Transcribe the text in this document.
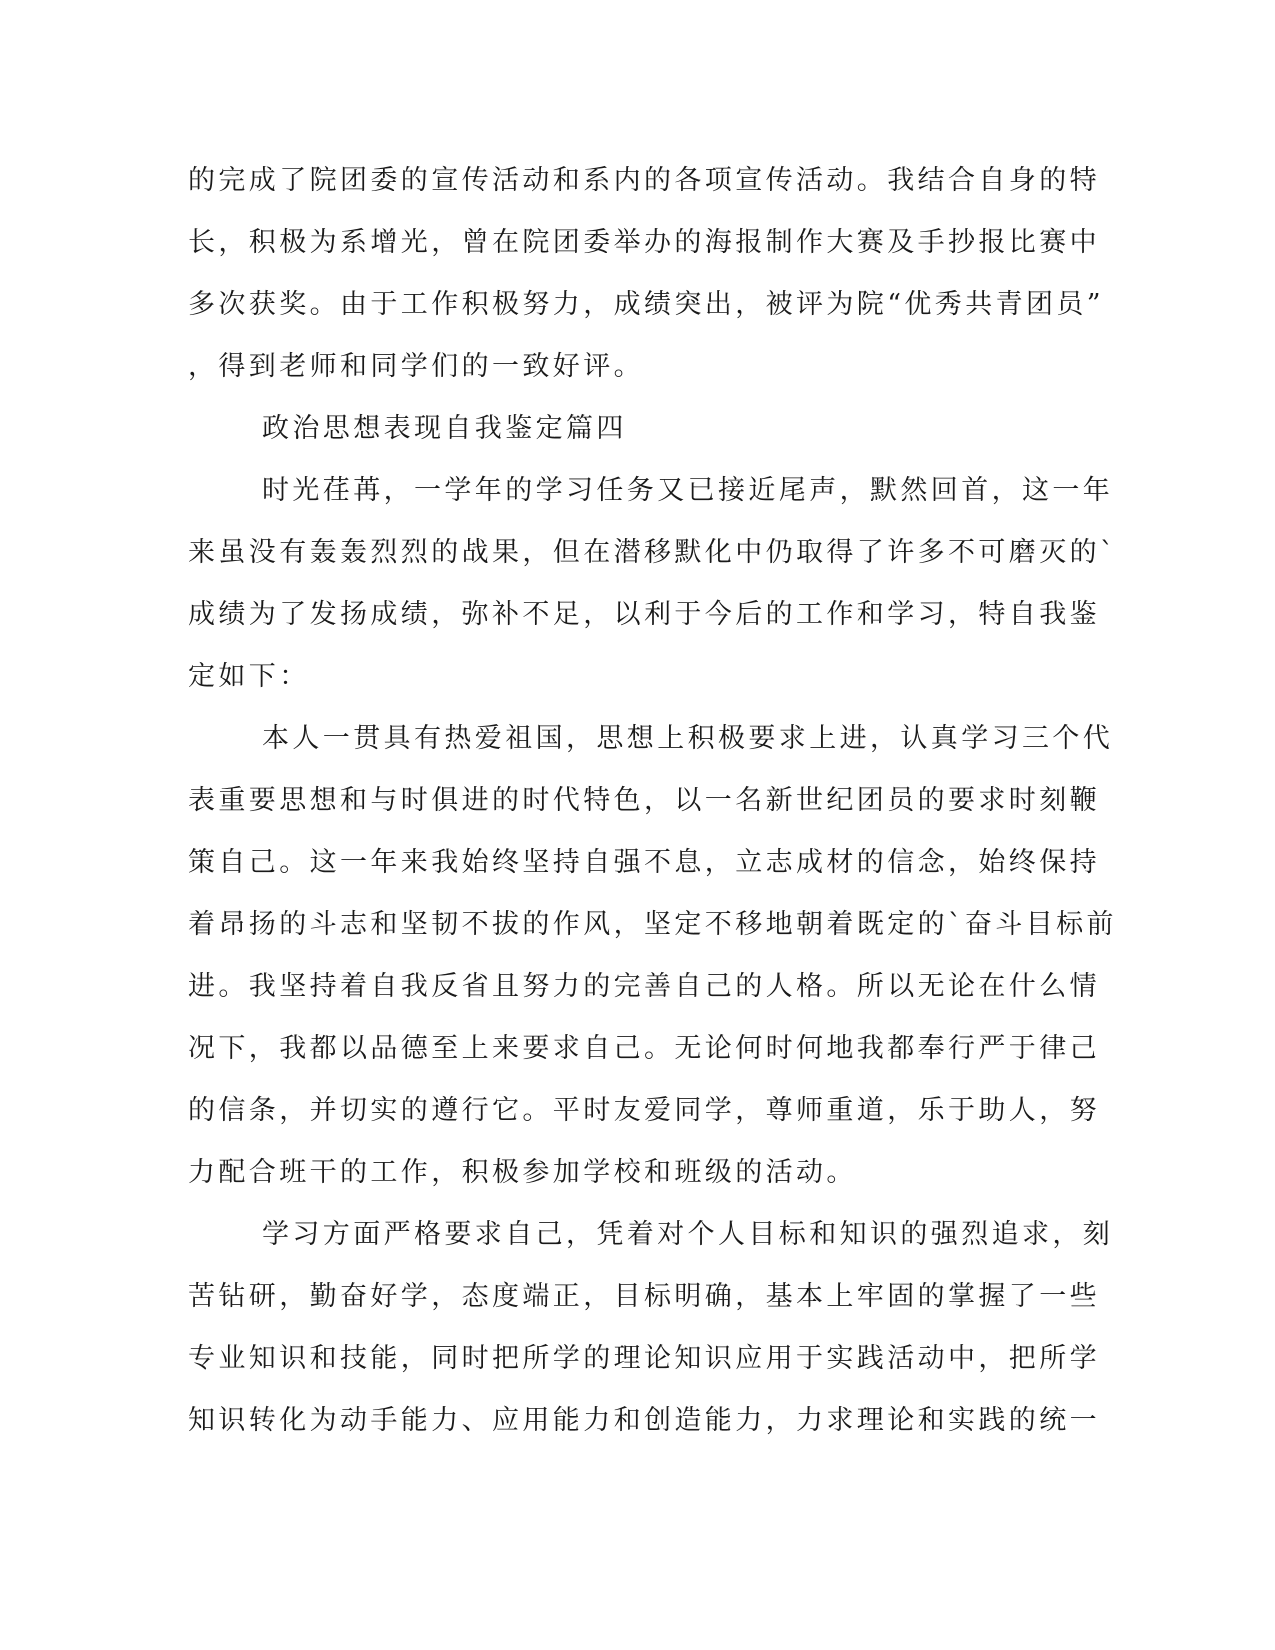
的完成了院团委的宣传活动和系内的各项宣传活动。我结合自身的特
长，积极为系增光，曾在院团委举办的海报制作大赛及手抄报比赛中
多次获奖。由于工作积极努力，成绩突出，被评为院“优秀共青团员”
，得到老师和同学们的一致好评。
政治思想表现自我鉴定篇四
时光荏苒，一学年的学习任务又已接近尾声，默然回首，这一年
来虽没有轰轰烈烈的战果，但在潜移默化中仍取得了许多不可磨灭的`
成绩为了发扬成绩，弥补不足，以利于今后的工作和学习，特自我鉴
定如下：
本人一贯具有热爱祖国，思想上积极要求上进，认真学习三个代
表重要思想和与时俱进的时代特色，以一名新世纪团员的要求时刻鞭
策自己。这一年来我始终坚持自强不息，立志成材的信念，始终保持
着昂扬的斗志和坚韧不拔的作风，坚定不移地朝着既定的`奋斗目标前
进。我坚持着自我反省且努力的完善自己的人格。所以无论在什么情
况下，我都以品德至上来要求自己。无论何时何地我都奉行严于律己
的信条，并切实的遵行它。平时友爱同学，尊师重道，乐于助人，努
力配合班干的工作，积极参加学校和班级的活动。
学习方面严格要求自己，凭着对个人目标和知识的强烈追求，刻
苦钻研，勤奋好学，态度端正，目标明确，基本上牢固的掌握了一些
专业知识和技能，同时把所学的理论知识应用于实践活动中，把所学
知识转化为动手能力、应用能力和创造能力，力求理论和实践的统一
